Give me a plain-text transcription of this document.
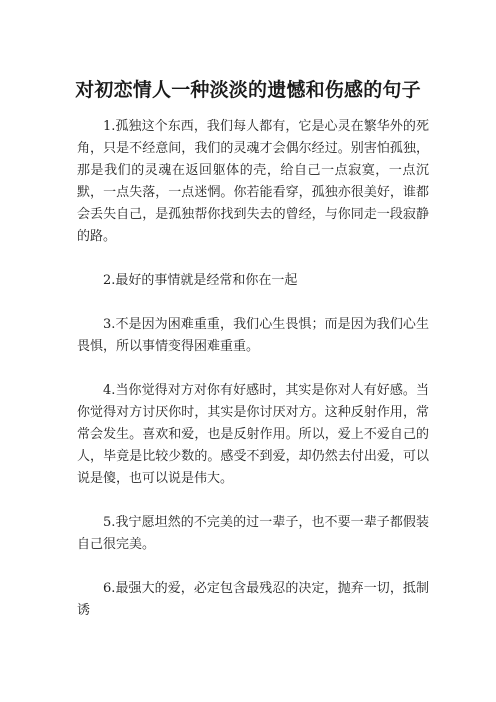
对初恋情人一种淡淡的遗憾和伤感的句子

1.孤独这个东西，我们每人都有，它是心灵在繁华外的死角，只是不经意间，我们的灵魂才会偶尔经过。别害怕孤独，那是我们的灵魂在返回躯体的壳，给自己一点寂寞，一点沉默，一点失落，一点迷惘。你若能看穿，孤独亦很美好，谁都会丢失自己，是孤独帮你找到失去的曾经，与你同走一段寂静的路。

2.最好的事情就是经常和你在一起

3.不是因为困难重重，我们心生畏惧；而是因为我们心生畏惧，所以事情变得困难重重。

4.当你觉得对方对你有好感时，其实是你对人有好感。当你觉得对方讨厌你时，其实是你讨厌对方。这种反射作用，常常会发生。喜欢和爱，也是反射作用。所以，爱上不爱自己的人，毕竟是比较少数的。感受不到爱，却仍然去付出爱，可以说是傻，也可以说是伟大。

5.我宁愿坦然的不完美的过一辈子，也不要一辈子都假装自己很完美。

6.最强大的爱，必定包含最残忍的决定，抛弃一切，抵制诱
